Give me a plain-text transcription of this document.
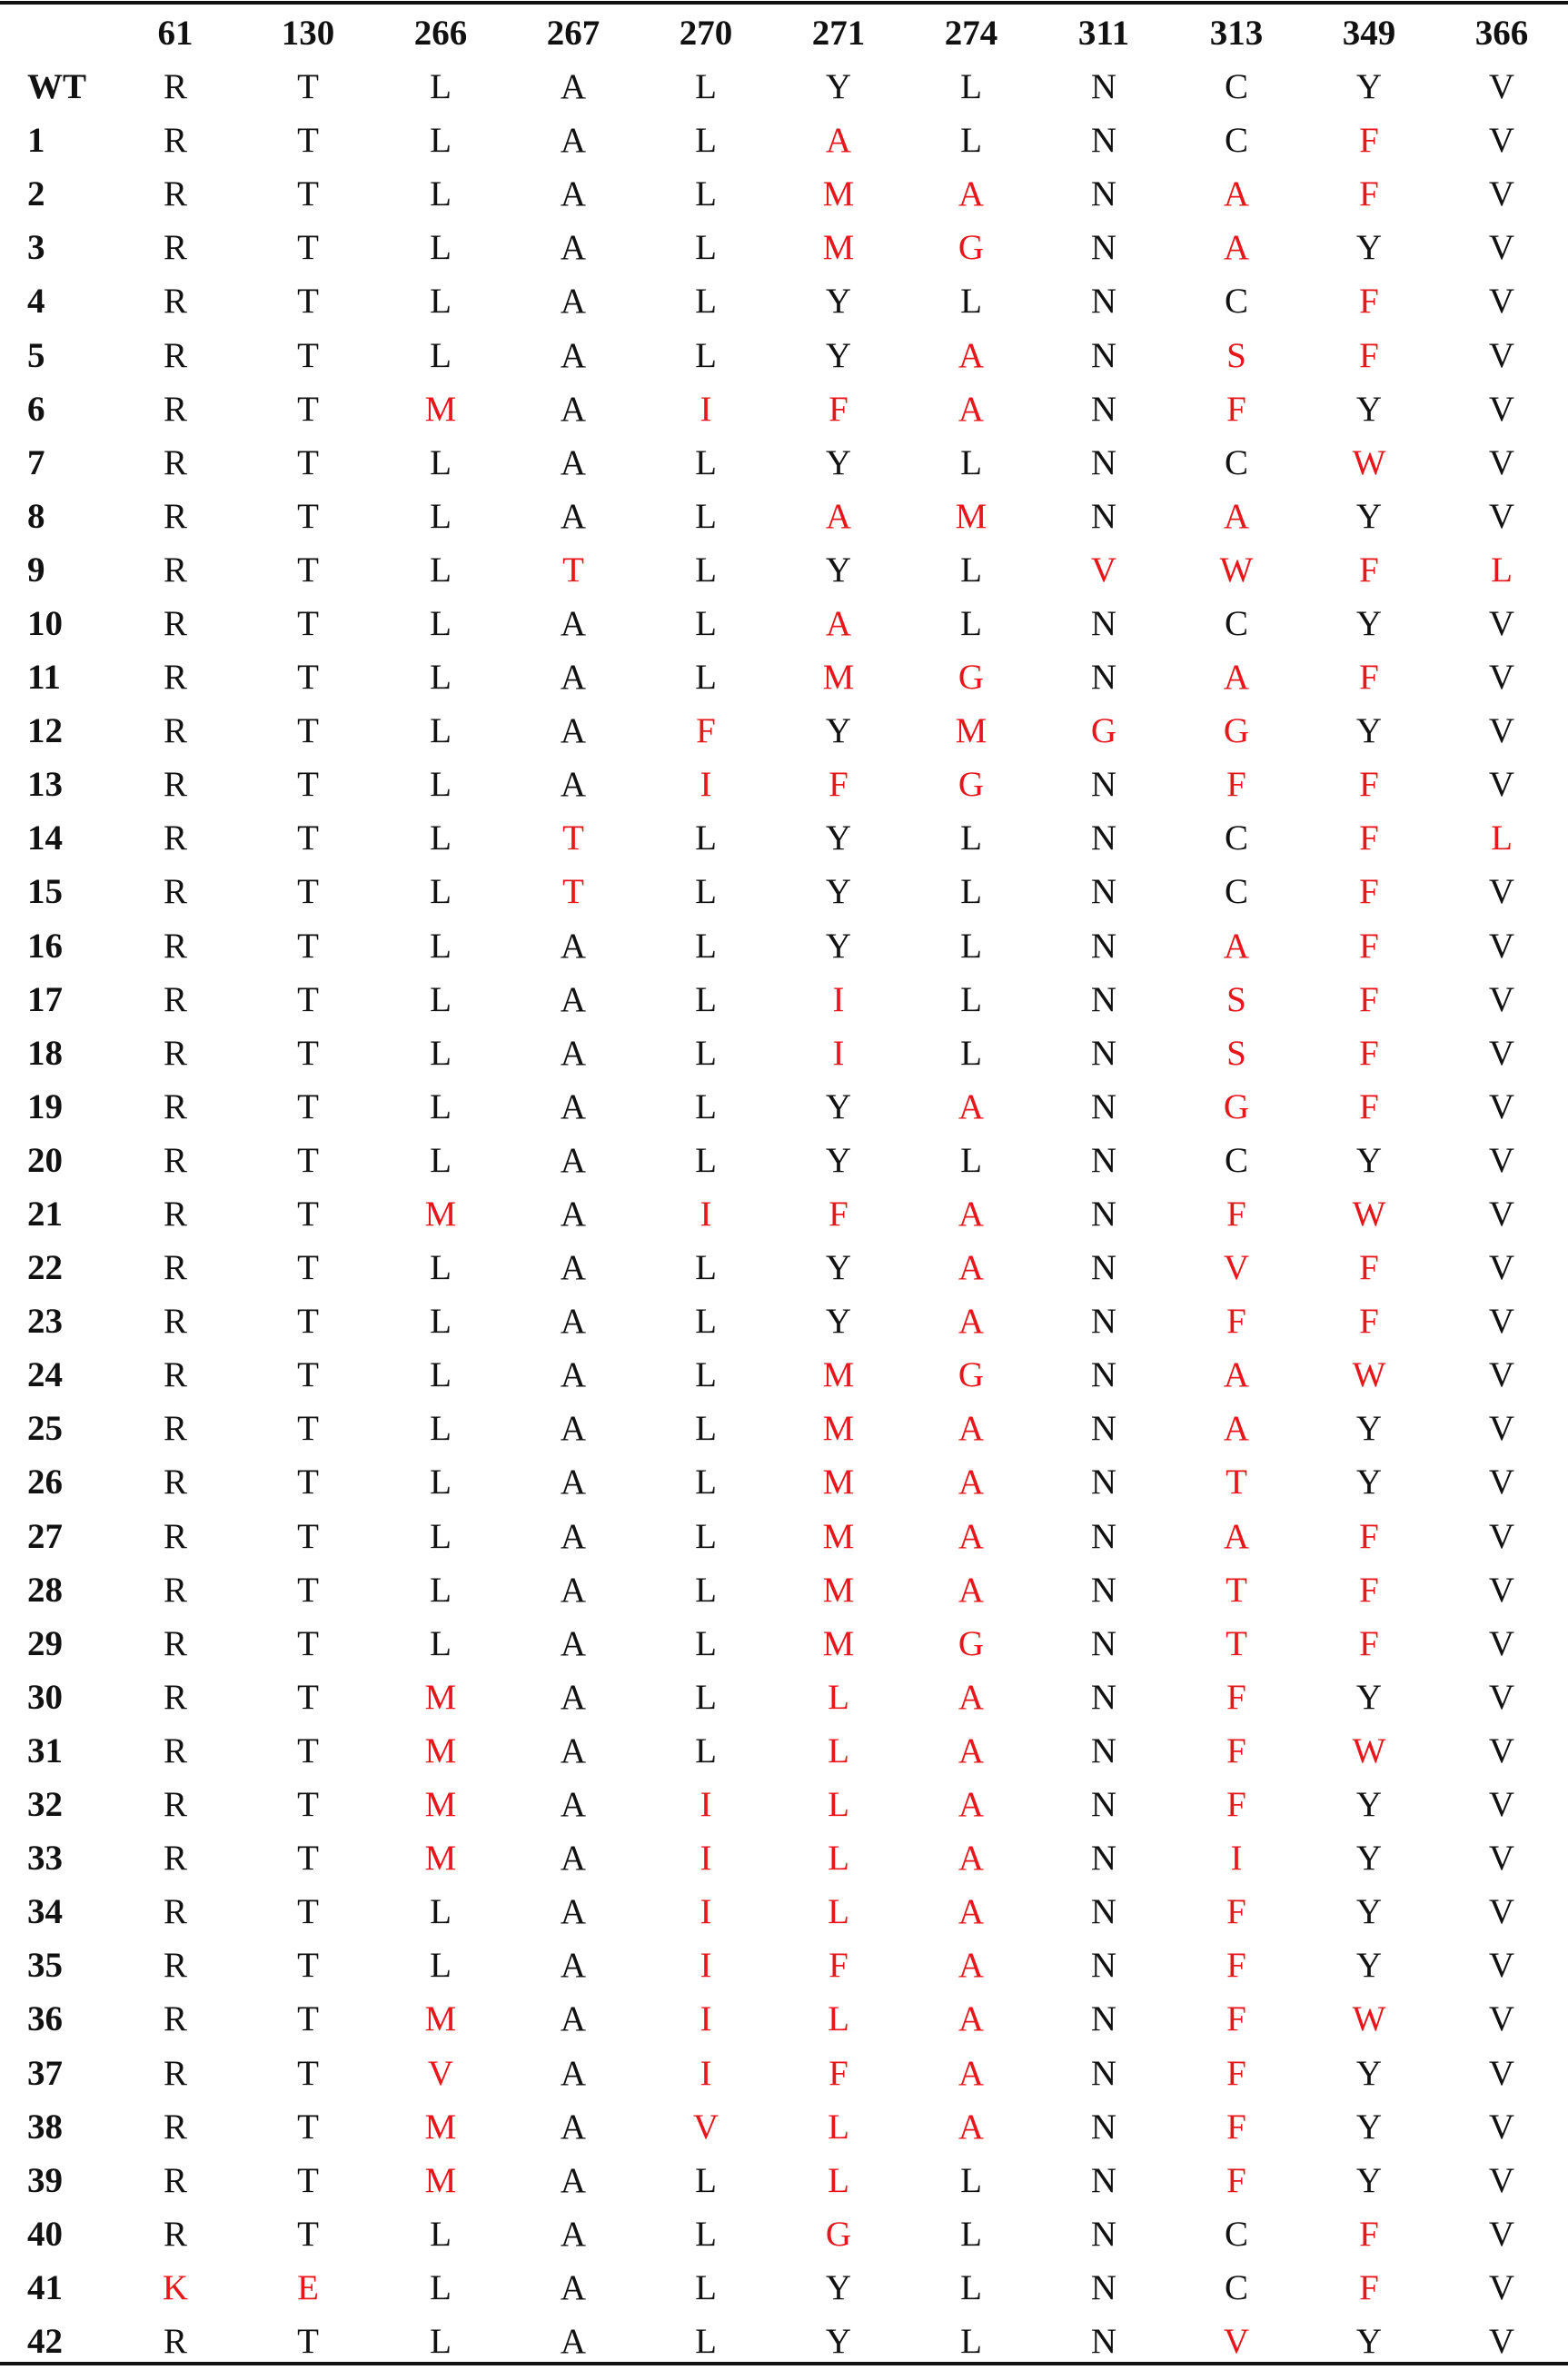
	61	130	266	267	270	271	274	311	313	349	366
WT	R	T	L	A	L	Y	L	N	C	Y	V
1	R	T	L	A	L	A	L	N	C	F	V
2	R	T	L	A	L	M	A	N	A	F	V
3	R	T	L	A	L	M	G	N	A	Y	V
4	R	T	L	A	L	Y	L	N	C	F	V
5	R	T	L	A	L	Y	A	N	S	F	V
6	R	T	M	A	I	F	A	N	F	Y	V
7	R	T	L	A	L	Y	L	N	C	W	V
8	R	T	L	A	L	A	M	N	A	Y	V
9	R	T	L	T	L	Y	L	V	W	F	L
10	R	T	L	A	L	A	L	N	C	Y	V
11	R	T	L	A	L	M	G	N	A	F	V
12	R	T	L	A	F	Y	M	G	G	Y	V
13	R	T	L	A	I	F	G	N	F	F	V
14	R	T	L	T	L	Y	L	N	C	F	L
15	R	T	L	T	L	Y	L	N	C	F	V
16	R	T	L	A	L	Y	L	N	A	F	V
17	R	T	L	A	L	I	L	N	S	F	V
18	R	T	L	A	L	I	L	N	S	F	V
19	R	T	L	A	L	Y	A	N	G	F	V
20	R	T	L	A	L	Y	L	N	C	Y	V
21	R	T	M	A	I	F	A	N	F	W	V
22	R	T	L	A	L	Y	A	N	V	F	V
23	R	T	L	A	L	Y	A	N	F	F	V
24	R	T	L	A	L	M	G	N	A	W	V
25	R	T	L	A	L	M	A	N	A	Y	V
26	R	T	L	A	L	M	A	N	T	Y	V
27	R	T	L	A	L	M	A	N	A	F	V
28	R	T	L	A	L	M	A	N	T	F	V
29	R	T	L	A	L	M	G	N	T	F	V
30	R	T	M	A	L	L	A	N	F	Y	V
31	R	T	M	A	L	L	A	N	F	W	V
32	R	T	M	A	I	L	A	N	F	Y	V
33	R	T	M	A	I	L	A	N	I	Y	V
34	R	T	L	A	I	L	A	N	F	Y	V
35	R	T	L	A	I	F	A	N	F	Y	V
36	R	T	M	A	I	L	A	N	F	W	V
37	R	T	V	A	I	F	A	N	F	Y	V
38	R	T	M	A	V	L	A	N	F	Y	V
39	R	T	M	A	L	L	L	N	F	Y	V
40	R	T	L	A	L	G	L	N	C	F	V
41	K	E	L	A	L	Y	L	N	C	F	V
42	R	T	L	A	L	Y	L	N	V	Y	V
